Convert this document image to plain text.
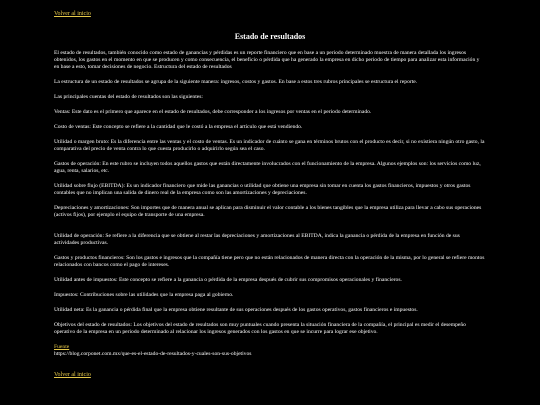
Volver al inicio
Estado de resultados

El estado de resultados, también conocido como estado de ganancias y pérdidas es un reporte financiero que en base a un periodo determinado muestra de manera detallada los ingresos obtenidos, los gastos en el momento en que se producen y como consecuencia, el beneficio o pérdida que ha generado la empresa en dicho periodo de tiempo para analizar esta información y en base a esto, tomar decisiones de negocio. Estructura del estado de resultados

La estructura de un estado de resultados se agrupa de la siguiente manera: ingresos, costos y gastos. En base a estos tres rubros principales se estructura el reporte.

Las principales cuentas del estado de resultados son las siguientes:

Ventas: Este dato es el primero que aparece en el estado de resultados, debe corresponder a los ingresos por ventas en el periodo determinado.

Costo de ventas: Este concepto se refiere a la cantidad que le costó a la empresa el artículo que está vendiendo.

Utilidad o margen bruto: Es la diferencia entre las ventas y el costo de ventas. Es un indicador de cuánto se gana en términos brutos con el producto es decir, si no existiera ningún otro gasto, la comparativa del precio de venta contra lo que cuesta producirlo o adquirirlo según sea el caso.

Gastos de operación: En este rubro se incluyen todos aquellos gastos que están directamente involucrados con el funcionamiento de la empresa. Algunos ejemplos son: los servicios como luz, agua, renta, salarios, etc.

Utilidad sobre flujo (EBITDA): Es un indicador financiero que mide las ganancias o utilidad que obtiene una empresa sin tomar en cuenta los gastos financieros, impuestos y otros gastos contables que no implican una salida de dinero real de la empresa como son las amortizaciones y depreciaciones.

Depreciaciones y amortizaciones: Son importes que de manera anual se aplican para disminuir el valor contable a los bienes tangibles que la empresa utiliza para llevar a cabo sus operaciones (activos fijos), por ejemplo el equipo de transporte de una empresa.

Utilidad de operación: Se refiere a la diferencia que se obtiene al restar las depreciaciones y amortizaciones al EBITDA, indica la ganancia o pérdida de la empresa en función de sus actividades productivas.

Gastos y productos financieros: Son los gastos e ingresos que la compañía tiene pero que no están relacionados de manera directa con la operación de la misma, por lo general se refiere montos relacionados con bancos como el pago de intereses.

Utilidad antes de impuestos: Este concepto se refiere a la ganancia o pérdida de la empresa después de cubrir sus compromisos operacionales y financieros.

Impuestos: Contribuciones sobre las utilidades que la empresa paga al gobierno.

Utilidad neta: Es la ganancia o pérdida final que la empresa obtiene resultante de sus operaciones después de los gastos operativos, gastos financieros e impuestos.

Objetivos del estado de resultados: Los objetivos del estado de resultados son muy puntuales cuando presenta la situación financiera de la compañía, el principal es medir el desempeño operativo de la empresa en un periodo determinado al relacionar los ingresos generados con los gastos en que se incurre para lograr ese objetivo.

Fuente
https://blog.corponet.com.mx/que-es-el-estado-de-resultados-y-cuales-son-sus-objetivos
Volver al inicio
